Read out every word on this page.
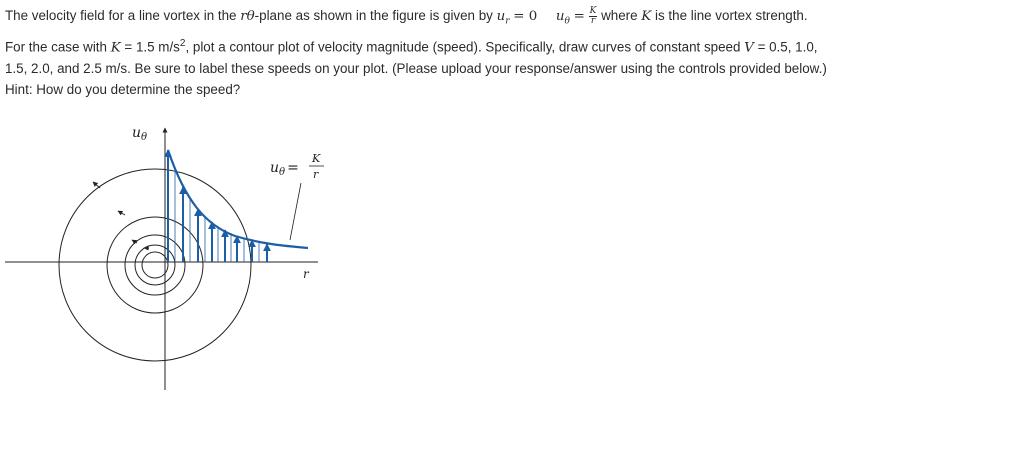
The velocity field for a line vortex in the rθ-plane as shown in the figure is given by $u_r = 0$ $u_\theta = \frac{K}{r}$ where K is the line vortex strength.

For the case with K = 1.5 $m/s^2$, plot a contour plot of velocity magnitude (speed). Specifically, draw curves of constant speed V = 0.5, 1.0,

1.5, 2.0, and 2.5 m/s. Be sure to label these speeds on your plot. (Please upload your response/answer using the controls provided below.)

Hint: How do you determine the speed?

$u_\theta$
r
$u_\theta$ =
K
r
